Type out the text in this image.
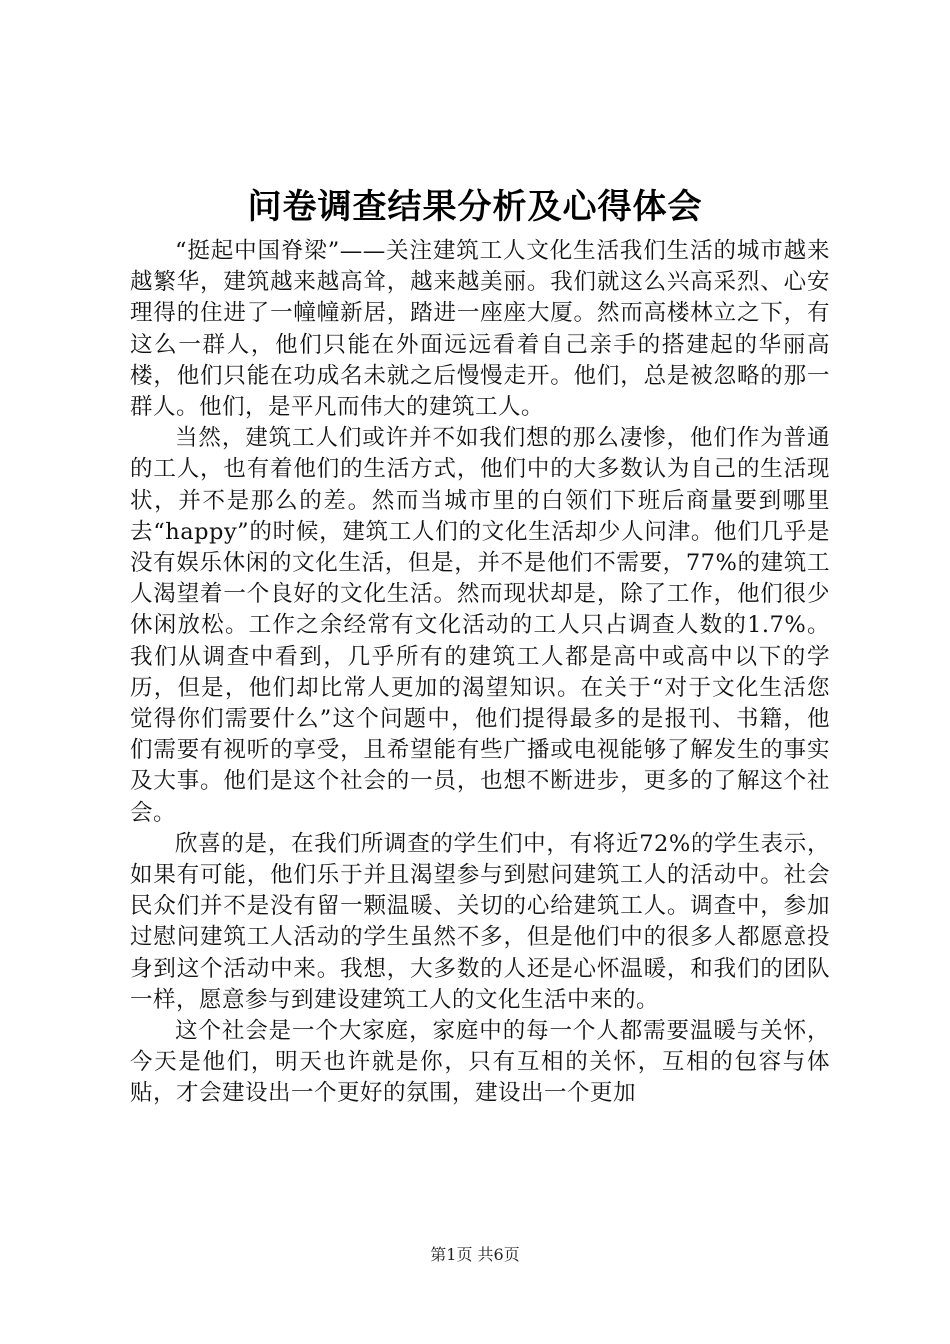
问卷调查结果分析及心得体会

“挺起中国脊梁”——关注建筑工人文化生活我们生活的城市越来越繁华，建筑越来越高耸，越来越美丽。我们就这么兴高采烈、心安理得的住进了一幢幢新居，踏进一座座大厦。然而高楼林立之下，有这么一群人，他们只能在外面远远看着自己亲手的搭建起的华丽高楼，他们只能在功成名未就之后慢慢走开。他们，总是被忽略的那一群人。他们，是平凡而伟大的建筑工人。

当然，建筑工人们或许并不如我们想的那么凄惨，他们作为普通的工人，也有着他们的生活方式，他们中的大多数认为自己的生活现状，并不是那么的差。然而当城市里的白领们下班后商量要到哪里去“happy”的时候，建筑工人们的文化生活却少人问津。他们几乎是没有娱乐休闲的文化生活，但是，并不是他们不需要，77%的建筑工人渴望着一个良好的文化生活。然而现状却是，除了工作，他们很少休闲放松。工作之余经常有文化活动的工人只占调查人数的1.7%。我们从调查中看到，几乎所有的建筑工人都是高中或高中以下的学历，但是，他们却比常人更加的渴望知识。在关于“对于文化生活您觉得你们需要什么”这个问题中，他们提得最多的是报刊、书籍，他们需要有视听的享受，且希望能有些广播或电视能够了解发生的事实及大事。他们是这个社会的一员，也想不断进步，更多的了解这个社会。

欣喜的是，在我们所调查的学生们中，有将近72%的学生表示，如果有可能，他们乐于并且渴望参与到慰问建筑工人的活动中。社会民众们并不是没有留一颗温暖、关切的心给建筑工人。调查中，参加过慰问建筑工人活动的学生虽然不多，但是他们中的很多人都愿意投身到这个活动中来。我想，大多数的人还是心怀温暖，和我们的团队一样，愿意参与到建设建筑工人的文化生活中来的。

这个社会是一个大家庭，家庭中的每一个人都需要温暖与关怀，今天是他们，明天也许就是你，只有互相的关怀，互相的包容与体贴，才会建设出一个更好的氛围，建设出一个更加

第1页 共6页
